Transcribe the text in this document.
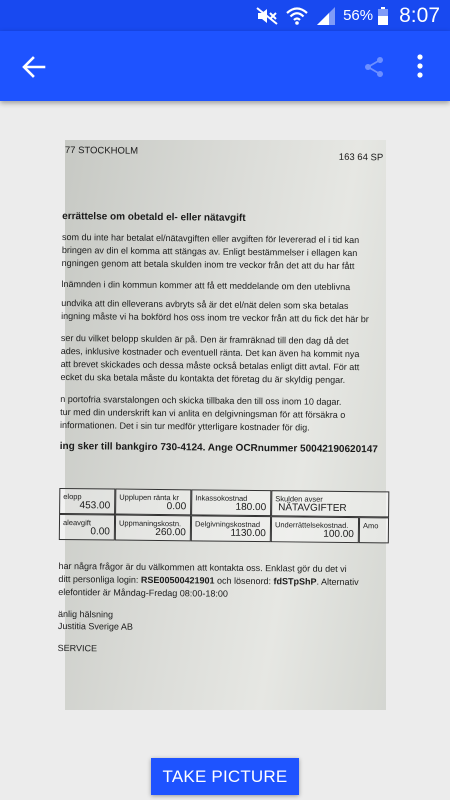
56% 8:07
77 STOCKHOLM
163 64 SP
errättelse om obetald el- eller nätavgift
som du inte har betalat el/nätavgiften eller avgiften för levererad el i tid kan
bringen av din el komma att stängas av. Enligt bestämmelser i ellagen kan
ngningen genom att betala skulden inom tre veckor från det att du har fått
lnämnden i din kommun kommer att få ett meddelande om den uteblivna
undvika att din elleverans avbryts så är det el/nät delen som ska betalas
ingning måste vi ha bokförd hos oss inom tre veckor från att du fick det här br
ser du vilket belopp skulden är på. Den är framräknad till den dag då det
ades, inklusive kostnader och eventuell ränta. Det kan även ha kommit nya
att brevet skickades och dessa måste också betalas enligt ditt avtal. För att
ecket du ska betala måste du kontakta det företag du är skyldig pengar.
n portofria svarstalongen och skicka tillbaka den till oss inom 10 dagar.
tur med din underskrift kan vi anlita en delgivningsman för att försäkra o
informationen. Det i sin tur medför ytterligare kostnader för dig.
ing sker till bankgiro 730-4124. Ange OCRnummer 50042190620147
elopp
453.00
Upplupen ränta kr
0.00
Inkassokostnad
180.00
Skulden avser
NÄTAVGIFTER
aleavgift
0.00
Uppmaningskostn.
260.00
Delgivningskostnad
1130.00
Underrättelsekostnad.
100.00
Amo
har några frågor är du välkommen att kontakta oss. Enklast gör du det vi
ditt personliga login: RSE00500421901 och lösenord: fdSTpShP. Alternativ
elefontider är Måndag-Fredag 08:00-18:00
änlig hälsning
Justitia Sverige AB
SERVICE
TAKE PICTURE
